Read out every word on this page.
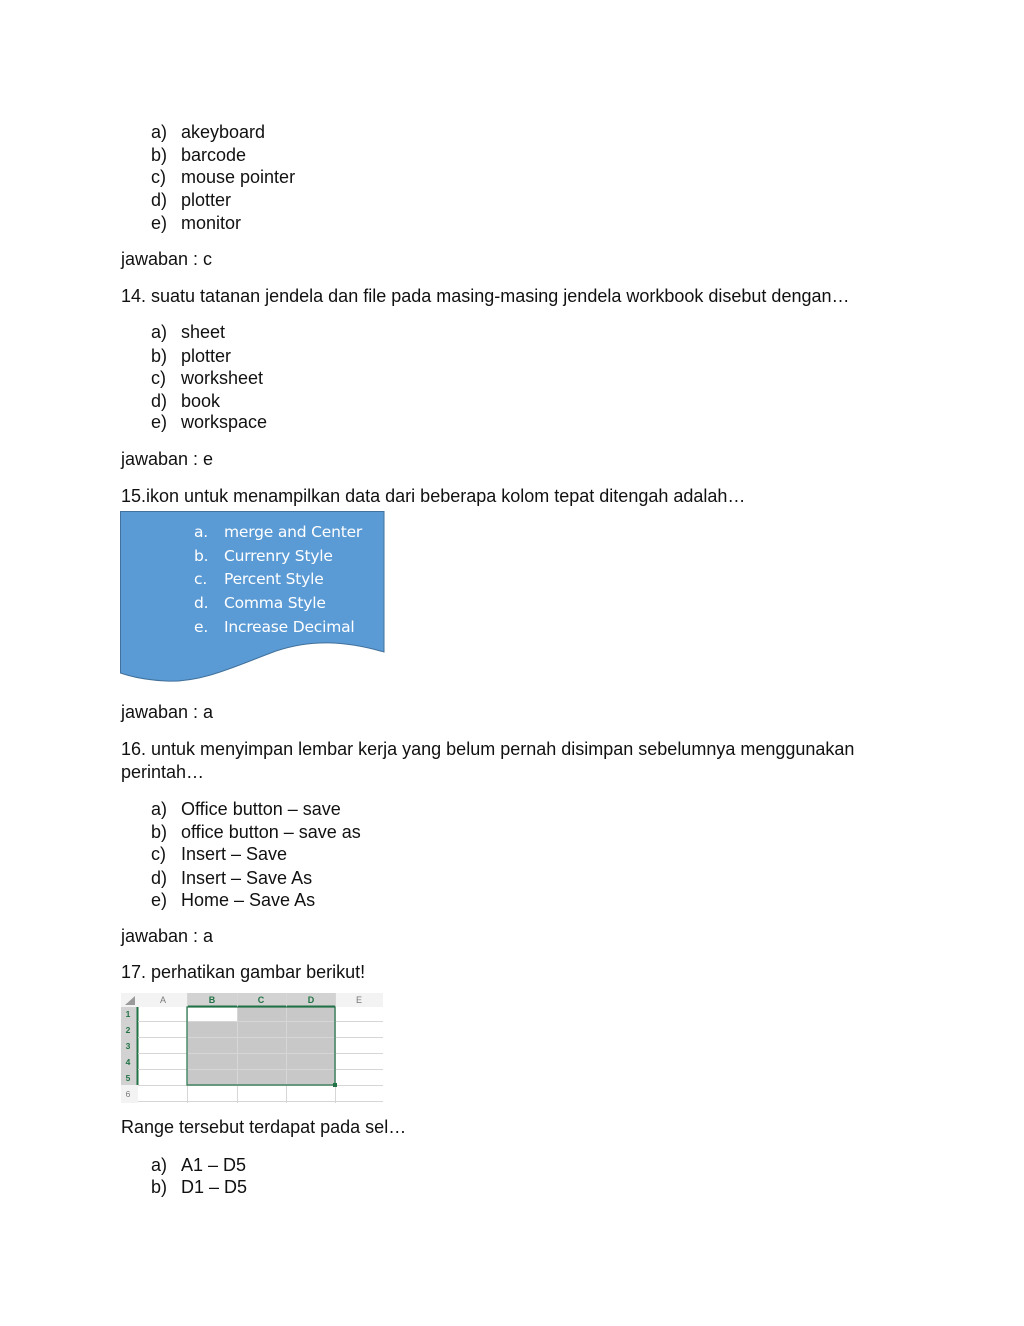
a) akeyboard
b) barcode
c) mouse pointer
d) plotter
e) monitor
jawaban : c
14. suatu tatanan jendela dan file pada masing-masing jendela workbook disebut dengan…
a) sheet
b) plotter
c) worksheet
d) book
e) workspace
jawaban : e
15.ikon untuk menampilkan data dari beberapa kolom tepat ditengah adalah…
a. merge and Center
b. Currenry Style
c. Percent Style
d. Comma Style
e. Increase Decimal
jawaban : a
16. untuk menyimpan lembar kerja yang belum pernah disimpan sebelumnya menggunakan
perintah…
a) Office button – save
b) office button – save as
c) Insert – Save
d) Insert – Save As
e) Home – Save As
jawaban : a
17. perhatikan gambar berikut!
A	B	C	D	E
1
2
3
4
5
6
Range tersebut terdapat pada sel…
a) A1 – D5
b) D1 – D5
